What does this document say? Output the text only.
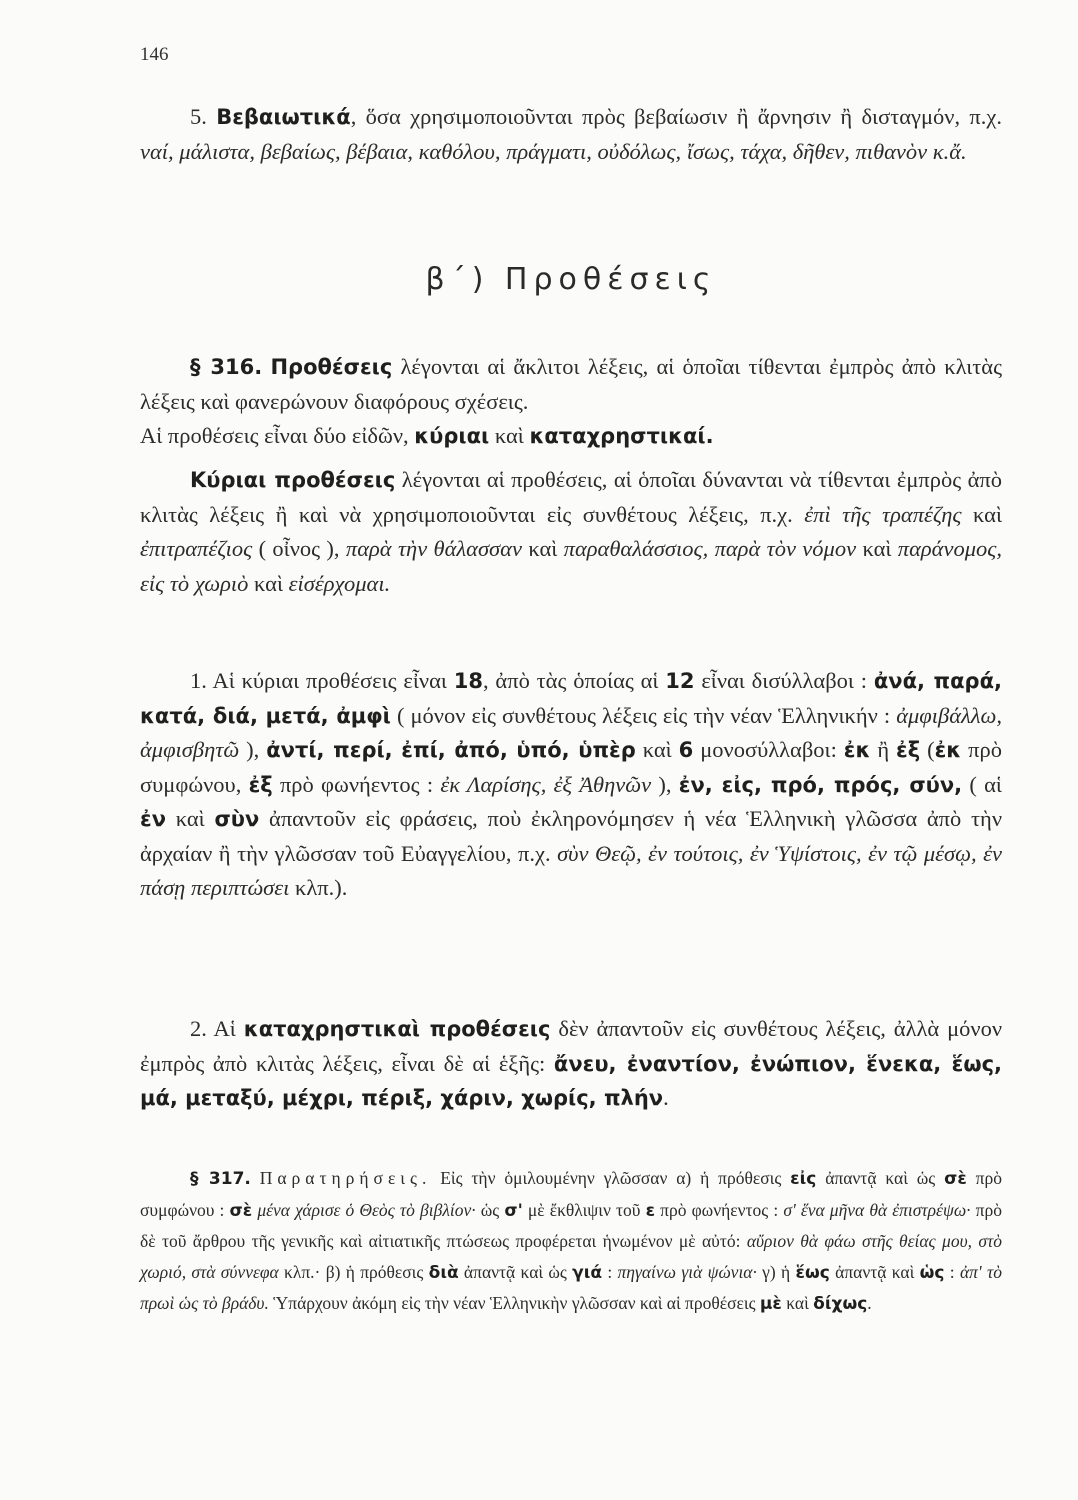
146

5. Βεβαιωτικά, ὅσα χρησιμοποιοῦνται πρὸς βεβαίωσιν ἢ ἄρνησιν ἢ δισταγμόν, π.χ. ναί, μάλιστα, βεβαίως, βέβαια, καθόλου, πράγματι, οὐδόλως, ἴσως, τάχα, δῆθεν, πιθανὸν κ.ἄ.

β΄) Προθέσεις

§ 316. Προθέσεις λέγονται αἱ ἄκλιτοι λέξεις, αἱ ὁποῖαι τίθενται ἐμπρὸς ἀπὸ κλιτὰς λέξεις καὶ φανερώνουν διαφόρους σχέσεις.
Αἱ προθέσεις εἶναι δύο εἰδῶν, κύριαι καὶ καταχρηστικαί.

Κύριαι προθέσεις λέγονται αἱ προθέσεις, αἱ ὁποῖαι δύνανται νὰ τίθενται ἐμπρὸς ἀπὸ κλιτὰς λέξεις ἢ καὶ νὰ χρησιμοποιοῦνται εἰς συνθέτους λέξεις, π.χ. ἐπὶ τῆς τραπέζης καὶ ἐπιτραπέζιος ( οἶνος ), παρὰ τὴν θάλασσαν καὶ παραθαλάσσιος, παρὰ τὸν νόμον καὶ παράνομος, εἰς τὸ χωριὸ καὶ εἰσέρχομαι.

1. Αἱ κύριαι προθέσεις εἶναι 18, ἀπὸ τὰς ὁποίας αἱ 12 εἶναι δισύλλαβοι : ἀνά, παρά, κατά, διά, μετά, ἀμφὶ ( μόνον εἰς συνθέτους λέξεις εἰς τὴν νέαν Ἑλληνικήν : ἀμφιβάλλω, ἀμφισβητῶ ), ἀντί, περί, ἐπί, ἀπό, ὑπό, ὑπὲρ καὶ 6 μονοσύλλαβοι: ἐκ ἢ ἐξ (ἐκ πρὸ συμφώνου, ἐξ πρὸ φωνήεντος : ἐκ Λαρίσης, ἐξ Ἀθηνῶν ), ἐν, εἰς, πρό, πρός, σύν, ( αἱ ἐν καὶ σὺν ἀπαντοῦν εἰς φράσεις, ποὺ ἐκληρονόμησεν ἡ νέα Ἑλληνικὴ γλῶσσα ἀπὸ τὴν ἀρχαίαν ἢ τὴν γλῶσσαν τοῦ Εὐαγγελίου, π.χ. σὺν Θεῷ, ἐν τούτοις, ἐν Ὑψίστοις, ἐν τῷ μέσῳ, ἐν πάσῃ περιπτώσει κλπ.).

2. Αἱ καταχρηστικαὶ προθέσεις δὲν ἀπαντοῦν εἰς συνθέτους λέξεις, ἀλλὰ μόνον ἐμπρὸς ἀπὸ κλιτὰς λέξεις, εἶναι δὲ αἱ ἑξῆς: ἄνευ, ἐναντίον, ἐνώπιον, ἕνεκα, ἕως, μά, μεταξύ, μέχρι, πέριξ, χάριν, χωρίς, πλήν.

§ 317. Παρατηρήσεις. Εἰς τὴν ὁμιλουμένην γλῶσσαν α) ἡ πρόθεσις εἰς ἀπαντᾷ καὶ ὡς σὲ πρὸ συμφώνου : σὲ μένα χάρισε ὁ Θεὸς τὸ βιβλίον· ὡς σ' μὲ ἔκθλιψιν τοῦ ε πρὸ φωνήεντος : σ' ἕνα μῆνα θὰ ἐπιστρέψω· πρὸ δὲ τοῦ ἄρθρου τῆς γενικῆς καὶ αἰτιατικῆς πτώσεως προφέρεται ἡνωμένον μὲ αὐτό: αὔριον θὰ φάω στῆς θείας μου, στὸ χωριό, στὰ σύννεφα κλπ.· β) ἡ πρόθεσις διὰ ἀπαντᾷ καὶ ὡς γιά : πηγαίνω γιὰ ψώνια· γ) ἡ ἕως ἀπαντᾷ καὶ ὡς : ἀπ' τὸ πρωὶ ὡς τὸ βράδυ. Ὑπάρχουν ἀκόμη εἰς τὴν νέαν Ἑλληνικὴν γλῶσσαν καὶ αἱ προθέσεις μὲ καὶ δίχως.
